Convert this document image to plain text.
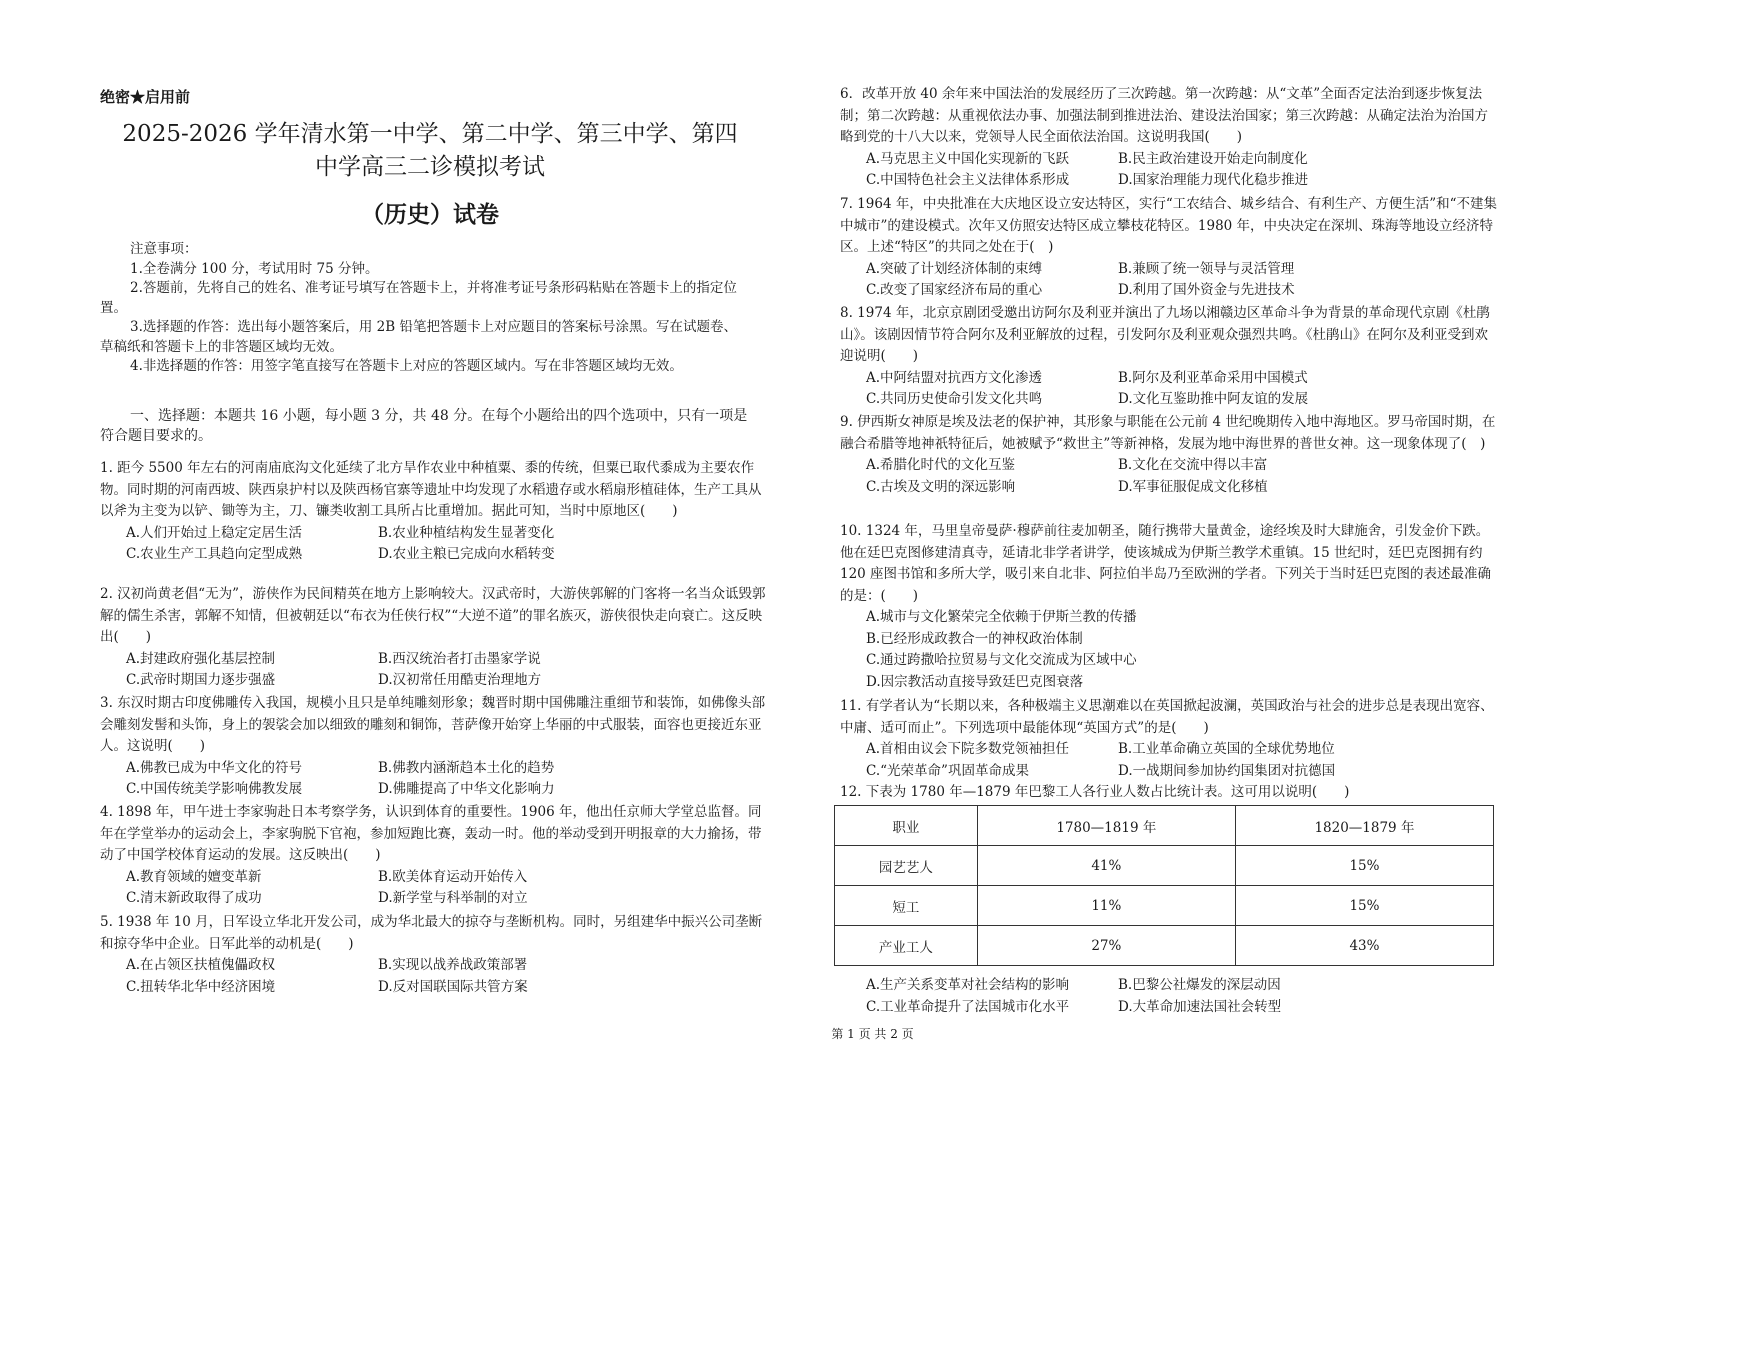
绝密★启用前
2025-2026 学年清水第一中学、第二中学、第三中学、第四
中学高三二诊模拟考试
（历史）试卷

注意事项：

1.全卷满分 100 分，考试用时 75 分钟。

2.答题前，先将自己的姓名、准考证号填写在答题卡上，并将准考证号条形码粘贴在答题卡上的指定位置。

3.选择题的作答：选出每小题答案后，用 2B 铅笔把答题卡上对应题目的答案标号涂黑。写在试题卷、草稿纸和答题卡上的非答题区域均无效。

4.非选择题的作答：用签字笔直接写在答题卡上对应的答题区域内。写在非答题区域均无效。

一、选择题：本题共 16 小题，每小题 3 分，共 48 分。在每个小题给出的四个选项中，只有一项是符合题目要求的。

1. 距今 5500 年左右的河南庙底沟文化延续了北方旱作农业中种植粟、黍的传统，但粟已取代黍成为主要农作物。同时期的河南西坡、陕西泉护村以及陕西杨官寨等遗址中均发现了水稻遗存或水稻扇形植硅体，生产工具从以斧为主变为以铲、锄等为主，刀、镰类收割工具所占比重增加。据此可知，当时中原地区(　　)

A.人们开始过上稳定定居生活	B.农业种植结构发生显著变化
C.农业生产工具趋向定型成熟	D.农业主粮已完成向水稻转变

2. 汉初尚黄老倡“无为”，游侠作为民间精英在地方上影响较大。汉武帝时，大游侠郭解的门客将一名当众诋毁郭解的儒生杀害，郭解不知情，但被朝廷以“布衣为任侠行权”“大逆不道”的罪名族灭，游侠很快走向衰亡。这反映出(　　)

A.封建政府强化基层控制	B.西汉统治者打击墨家学说
C.武帝时期国力逐步强盛	D.汉初常任用酷吏治理地方

3. 东汉时期古印度佛雕传入我国，规模小且只是单纯雕刻形象；魏晋时期中国佛雕注重细节和装饰，如佛像头部会雕刻发髻和头饰，身上的袈裟会加以细致的雕刻和铜饰，菩萨像开始穿上华丽的中式服装，面容也更接近东亚人。这说明(　　)

A.佛教已成为中华文化的符号	B.佛教内涵渐趋本土化的趋势
C.中国传统美学影响佛教发展	D.佛雕提高了中华文化影响力

4. 1898 年，甲午进士李家驹赴日本考察学务，认识到体育的重要性。1906 年，他出任京师大学堂总监督。同年在学堂举办的运动会上，李家驹脱下官袍，参加短跑比赛，轰动一时。他的举动受到开明报章的大力揄扬，带动了中国学校体育运动的发展。这反映出(　　)

A.教育领域的嬗变革新	B.欧美体育运动开始传入
C.清末新政取得了成功	D.新学堂与科举制的对立

5. 1938 年 10 月，日军设立华北开发公司，成为华北最大的掠夺与垄断机构。同时，另组建华中振兴公司垄断和掠夺华中企业。日军此举的动机是(　　)

A.在占领区扶植傀儡政权	B.实现以战养战政策部署
C.扭转华北华中经济困境	D.反对国联国际共管方案

6．改革开放 40 余年来中国法治的发展经历了三次跨越。第一次跨越：从“文革”全面否定法治到逐步恢复法制；第二次跨越：从重视依法办事、加强法制到推进法治、建设法治国家；第三次跨越：从确定法治为治国方略到党的十八大以来，党领导人民全面依法治国。这说明我国(　　)

A.马克思主义中国化实现新的飞跃	B.民主政治建设开始走向制度化
C.中国特色社会主义法律体系形成	D.国家治理能力现代化稳步推进

7. 1964 年，中央批准在大庆地区设立安达特区，实行“工农结合、城乡结合、有利生产、方便生活”和“不建集中城市”的建设模式。次年又仿照安达特区成立攀枝花特区。1980 年，中央决定在深圳、珠海等地设立经济特区。上述“特区”的共同之处在于(　)

A.突破了计划经济体制的束缚	B.兼顾了统一领导与灵活管理
C.改变了国家经济布局的重心	D.利用了国外资金与先进技术

8. 1974 年，北京京剧团受邀出访阿尔及利亚并演出了九场以湘赣边区革命斗争为背景的革命现代京剧《杜鹃山》。该剧因情节符合阿尔及利亚解放的过程，引发阿尔及利亚观众强烈共鸣。《杜鹃山》在阿尔及利亚受到欢迎说明(　　)

A.中阿结盟对抗西方文化渗透	B.阿尔及利亚革命采用中国模式
C.共同历史使命引发文化共鸣	D.文化互鉴助推中阿友谊的发展

9. 伊西斯女神原是埃及法老的保护神，其形象与职能在公元前 4 世纪晚期传入地中海地区。罗马帝国时期，在融合希腊等地神祇特征后，她被赋予“救世主”等新神格，发展为地中海世界的普世女神。这一现象体现了(　)

A.希腊化时代的文化互鉴	B.文化在交流中得以丰富
C.古埃及文明的深远影响	D.军事征服促成文化移植

10. 1324 年，马里皇帝曼萨·穆萨前往麦加朝圣，随行携带大量黄金，途经埃及时大肆施舍，引发金价下跌。他在廷巴克图修建清真寺，延请北非学者讲学，使该城成为伊斯兰教学术重镇。15 世纪时，廷巴克图拥有约 120 座图书馆和多所大学，吸引来自北非、阿拉伯半岛乃至欧洲的学者。下列关于当时廷巴克图的表述最准确的是：(　　)

A.城市与文化繁荣完全依赖于伊斯兰教的传播
B.已经形成政教合一的神权政治体制
C.通过跨撒哈拉贸易与文化交流成为区域中心
D.因宗教活动直接导致廷巴克图衰落

11. 有学者认为“长期以来，各种极端主义思潮难以在英国掀起波澜，英国政治与社会的进步总是表现出宽容、中庸、适可而止”。下列选项中最能体现“英国方式”的是(　　)

A.首相由议会下院多数党领袖担任	B.工业革命确立英国的全球优势地位
C.“光荣革命”巩固革命成果	D.一战期间参加协约国集团对抗德国

12. 下表为 1780 年—1879 年巴黎工人各行业人数占比统计表。这可用以说明(　　)

职业	1780—1819 年	1820—1879 年
园艺艺人	41%	15%
短工	11%	15%
产业工人	27%	43%
A.生产关系变革对社会结构的影响	B.巴黎公社爆发的深层动因
C.工业革命提升了法国城市化水平	D.大革命加速法国社会转型
第 1 页 共 2 页
